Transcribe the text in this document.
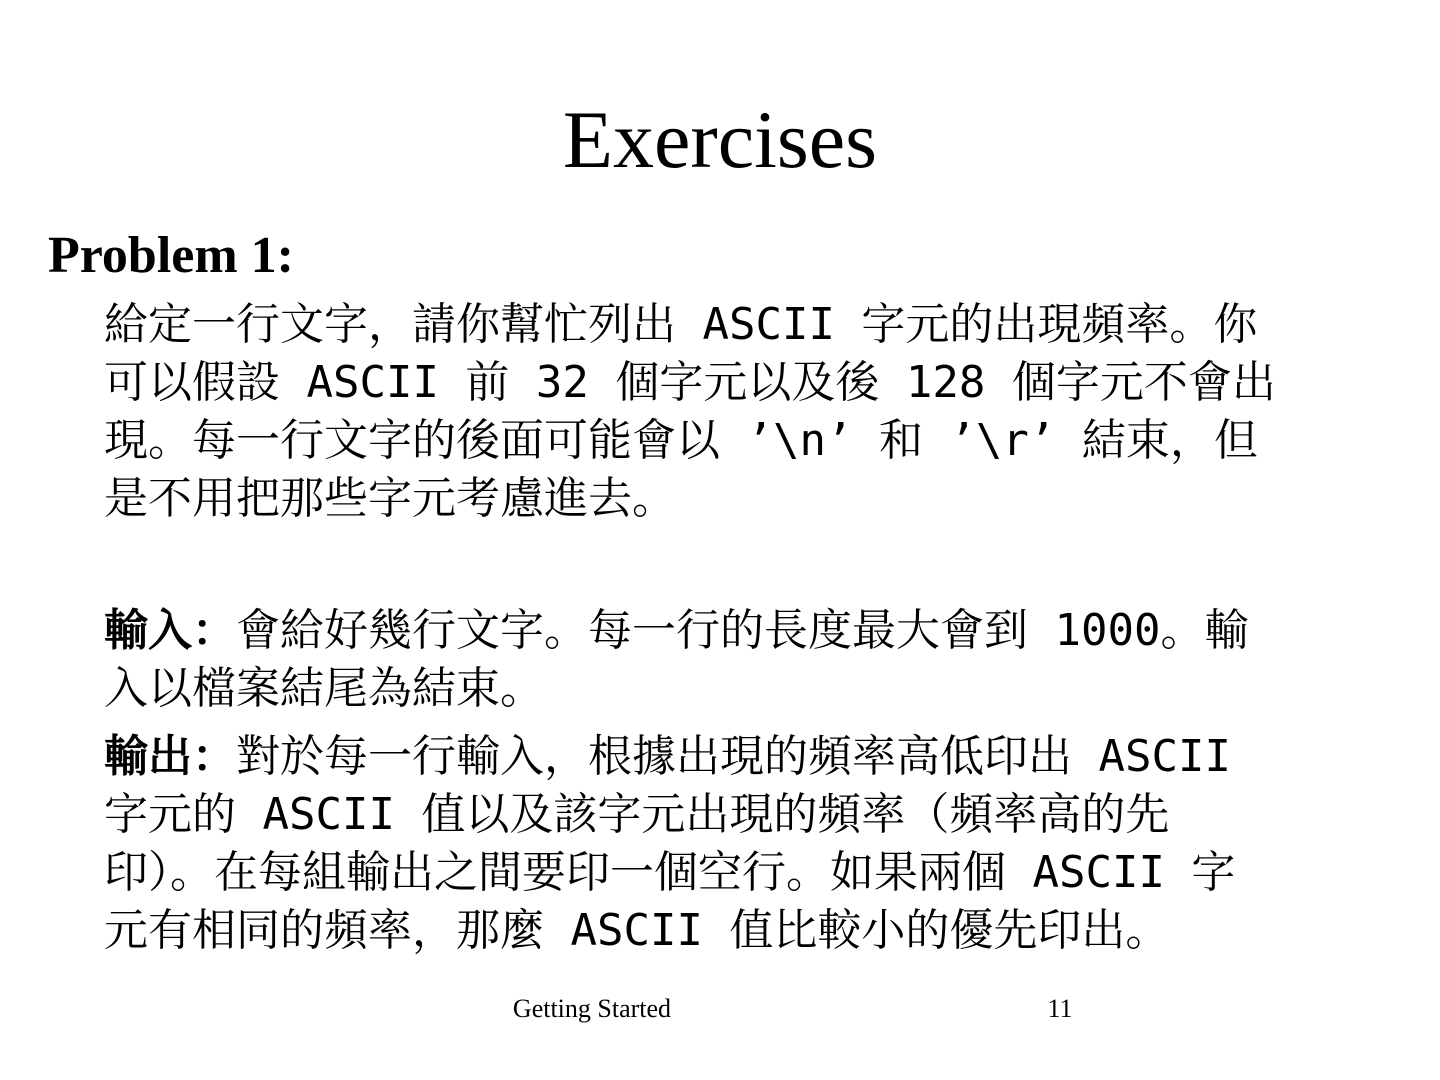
Exercises
Problem 1:
給定一行文字，請你幫忙列出 ASCII 字元的出現頻率。你
可以假設 ASCII 前 32 個字元以及後 128 個字元不會出
現。每一行文字的後面可能會以 ’\n’ 和 ’\r’ 結束，但
是不用把那些字元考慮進去。
輸入：會給好幾行文字。每一行的長度最大會到 1000。輸
入以檔案結尾為結束。
輸出：對於每一行輸入，根據出現的頻率高低印出 ASCII
字元的 ASCII 值以及該字元出現的頻率（頻率高的先
印）。在每組輸出之間要印一個空行。如果兩個 ASCII 字
元有相同的頻率，那麼 ASCII 值比較小的優先印出。
Getting Started	11
